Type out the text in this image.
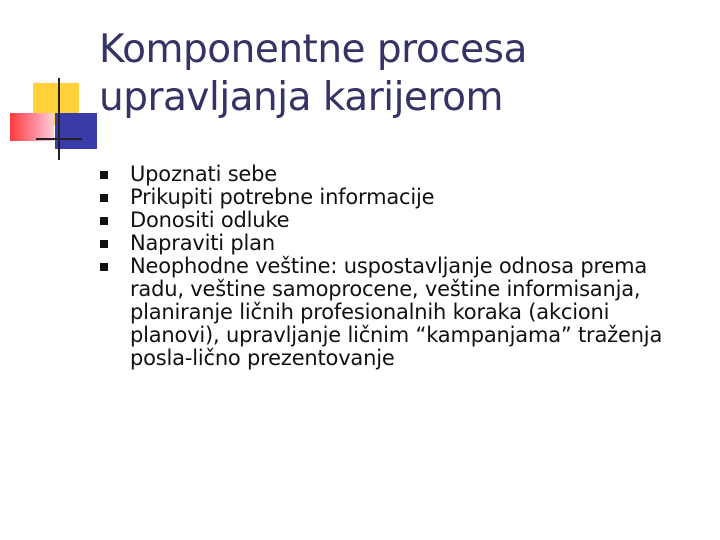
Komponentne procesa
upravljanja karijerom
Upoznati sebe
Prikupiti potrebne informacije
Donositi odluke
Napraviti plan
Neophodne veštine: uspostavljanje odnosa prema radu, veštine samoprocene, veštine informisanja, planiranje ličnih profesionalnih koraka (akcioni planovi), upravljanje ličnim “kampanjama” traženja posla-lično prezentovanje
